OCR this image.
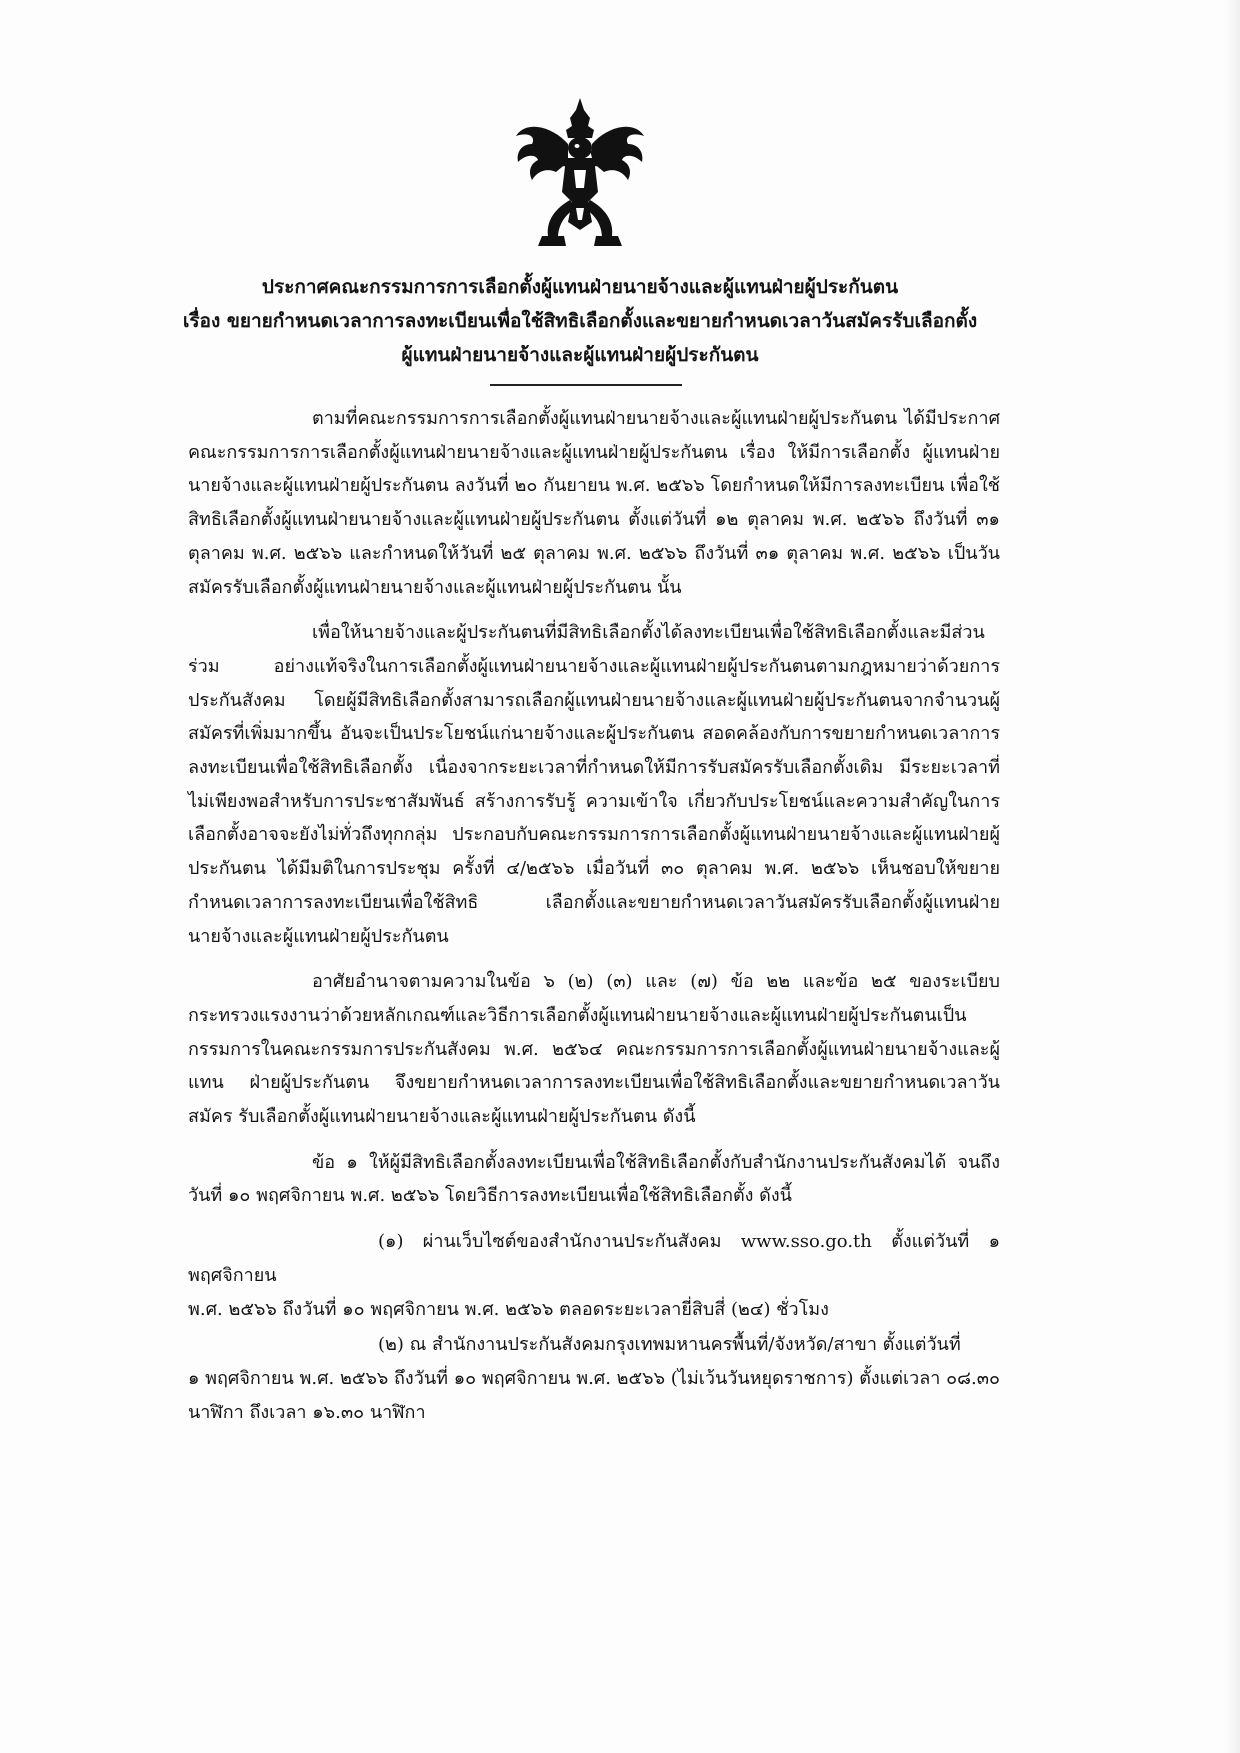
ประกาศคณะกรรมการการเลือกตั้งผู้แทนฝ่ายนายจ้างและผู้แทนฝ่ายผู้ประกันตน
เรื่อง ขยายกำหนดเวลาการลงทะเบียนเพื่อใช้สิทธิเลือกตั้งและขยายกำหนดเวลาวันสมัครรับเลือกตั้ง
ผู้แทนฝ่ายนายจ้างและผู้แทนฝ่ายผู้ประกันตน

ตามที่คณะกรรมการการเลือกตั้งผู้แทนฝ่ายนายจ้างและผู้แทนฝ่ายผู้ประกันตน ได้มีประกาศคณะกรรมการการเลือกตั้งผู้แทนฝ่ายนายจ้างและผู้แทนฝ่ายผู้ประกันตน เรื่อง ให้มีการเลือกตั้ง ผู้แทนฝ่ายนายจ้างและผู้แทนฝ่ายผู้ประกันตน ลงวันที่ ๒๐ กันยายน พ.ศ. ๒๕๖๖ โดยกำหนดให้มีการลงทะเบียน เพื่อใช้สิทธิเลือกตั้งผู้แทนฝ่ายนายจ้างและผู้แทนฝ่ายผู้ประกันตน ตั้งแต่วันที่ ๑๒ ตุลาคม พ.ศ. ๒๕๖๖ ถึงวันที่ ๓๑ ตุลาคม พ.ศ. ๒๕๖๖ และกำหนดให้วันที่ ๒๕ ตุลาคม พ.ศ. ๒๕๖๖ ถึงวันที่ ๓๑ ตุลาคม พ.ศ. ๒๕๖๖ เป็นวันสมัครรับเลือกตั้งผู้แทนฝ่ายนายจ้างและผู้แทนฝ่ายผู้ประกันตน นั้น

เพื่อให้นายจ้างและผู้ประกันตนที่มีสิทธิเลือกตั้งได้ลงทะเบียนเพื่อใช้สิทธิเลือกตั้งและมีส่วนร่วม อย่างแท้จริงในการเลือกตั้งผู้แทนฝ่ายนายจ้างและผู้แทนฝ่ายผู้ประกันตนตามกฎหมายว่าด้วยการประกันสังคม โดยผู้มีสิทธิเลือกตั้งสามารถเลือกผู้แทนฝ่ายนายจ้างและผู้แทนฝ่ายผู้ประกันตนจากจำนวนผู้สมัครที่เพิ่มมากขึ้น อันจะเป็นประโยชน์แก่นายจ้างและผู้ประกันตน สอดคล้องกับการขยายกำหนดเวลาการลงทะเบียนเพื่อใช้สิทธิเลือกตั้ง เนื่องจากระยะเวลาที่กำหนดให้มีการรับสมัครรับเลือกตั้งเดิม มีระยะเวลาที่ไม่เพียงพอสำหรับการประชาสัมพันธ์ สร้างการรับรู้ ความเข้าใจ เกี่ยวกับประโยชน์และความสำคัญในการเลือกตั้งอาจจะยังไม่ทั่วถึงทุกกลุ่ม ประกอบกับคณะกรรมการการเลือกตั้งผู้แทนฝ่ายนายจ้างและผู้แทนฝ่ายผู้ประกันตน ได้มีมติในการประชุม ครั้งที่ ๔/๒๕๖๖ เมื่อวันที่ ๓๐ ตุลาคม พ.ศ. ๒๕๖๖ เห็นชอบให้ขยายกำหนดเวลาการลงทะเบียนเพื่อใช้สิทธิ เลือกตั้งและขยายกำหนดเวลาวันสมัครรับเลือกตั้งผู้แทนฝ่ายนายจ้างและผู้แทนฝ่ายผู้ประกันตน

อาศัยอำนาจตามความในข้อ ๖ (๒) (๓) และ (๗) ข้อ ๒๒ และข้อ ๒๕ ของระเบียบ กระทรวงแรงงานว่าด้วยหลักเกณฑ์และวิธีการเลือกตั้งผู้แทนฝ่ายนายจ้างและผู้แทนฝ่ายผู้ประกันตนเป็น กรรมการในคณะกรรมการประกันสังคม พ.ศ. ๒๕๖๔ คณะกรรมการการเลือกตั้งผู้แทนฝ่ายนายจ้างและผู้แทน ฝ่ายผู้ประกันตน จึงขยายกำหนดเวลาการลงทะเบียนเพื่อใช้สิทธิเลือกตั้งและขยายกำหนดเวลาวันสมัคร รับเลือกตั้งผู้แทนฝ่ายนายจ้างและผู้แทนฝ่ายผู้ประกันตน ดังนี้

ข้อ ๑ ให้ผู้มีสิทธิเลือกตั้งลงทะเบียนเพื่อใช้สิทธิเลือกตั้งกับสำนักงานประกันสังคมได้ จนถึงวันที่ ๑๐ พฤศจิกายน พ.ศ. ๒๕๖๖ โดยวิธีการลงทะเบียนเพื่อใช้สิทธิเลือกตั้ง ดังนี้

(๑) ผ่านเว็บไซต์ของสำนักงานประกันสังคม www.sso.go.th ตั้งแต่วันที่ ๑ พฤศจิกายน

พ.ศ. ๒๕๖๖ ถึงวันที่ ๑๐ พฤศจิกายน พ.ศ. ๒๕๖๖ ตลอดระยะเวลายี่สิบสี่ (๒๔) ชั่วโมง

(๒) ณ สำนักงานประกันสังคมกรุงเทพมหานครพื้นที่/จังหวัด/สาขา ตั้งแต่วันที่

๑ พฤศจิกายน พ.ศ. ๒๕๖๖ ถึงวันที่ ๑๐ พฤศจิกายน พ.ศ. ๒๕๖๖ (ไม่เว้นวันหยุดราชการ) ตั้งแต่เวลา ๐๘.๓๐ นาฬิกา ถึงเวลา ๑๖.๓๐ นาฬิกา
